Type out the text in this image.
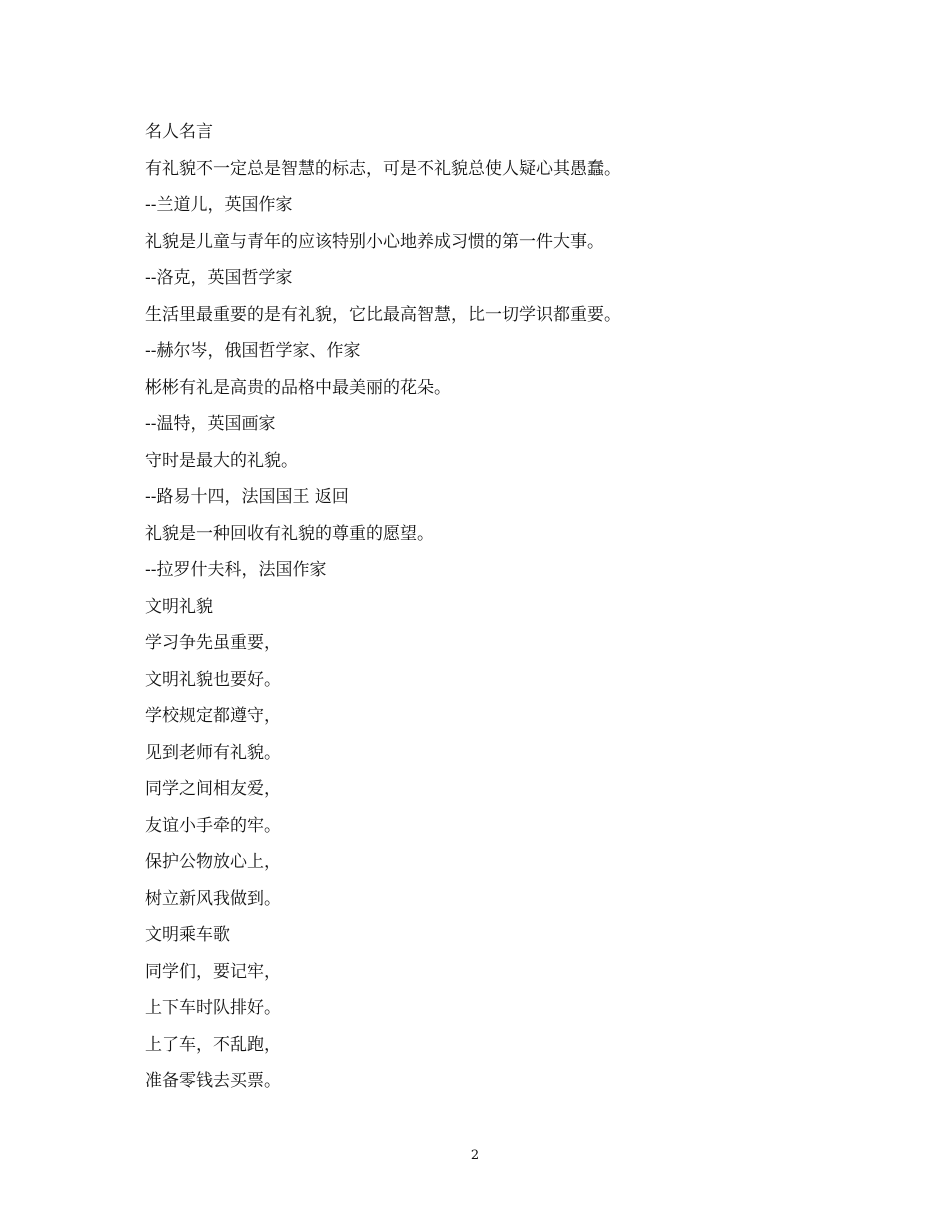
名人名言
有礼貌不一定总是智慧的标志，可是不礼貌总使人疑心其愚蠢。
--兰道儿，英国作家
礼貌是儿童与青年的应该特别小心地养成习惯的第一件大事。
--洛克，英国哲学家
生活里最重要的是有礼貌，它比最高智慧，比一切学识都重要。
--赫尔岑，俄国哲学家、作家
彬彬有礼是高贵的品格中最美丽的花朵。
--温特，英国画家
守时是最大的礼貌。
--路易十四，法国国王 返回
礼貌是一种回收有礼貌的尊重的愿望。
--拉罗什夫科，法国作家
文明礼貌
学习争先虽重要，
文明礼貌也要好。
学校规定都遵守，
见到老师有礼貌。
同学之间相友爱，
友谊小手牵的牢。
保护公物放心上，
树立新风我做到。
文明乘车歌
同学们，要记牢，
上下车时队排好。
上了车，不乱跑，
准备零钱去买票。
2
